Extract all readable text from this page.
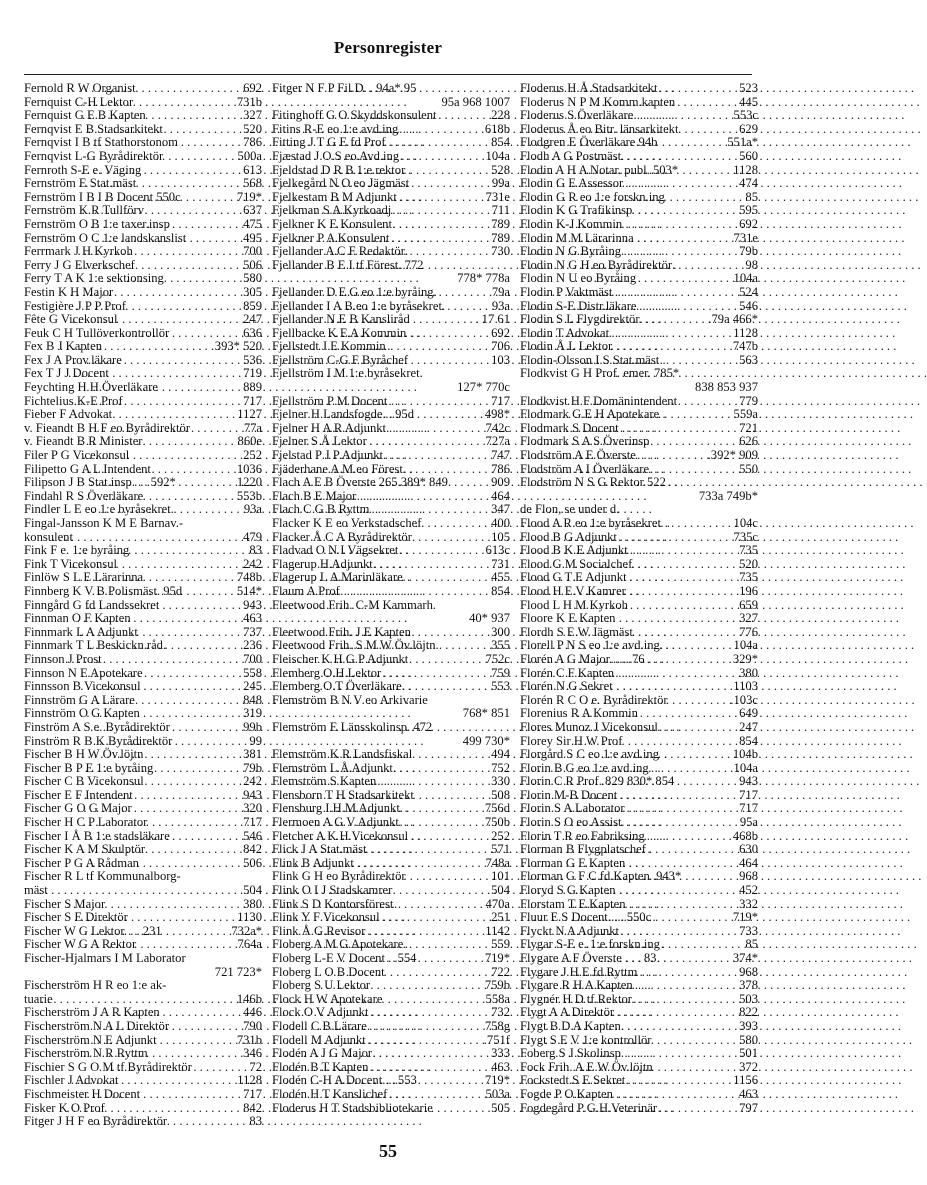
Personregister
Fernold R W Organist . . .	692
Fernquist C-H Lektor . . .	731b
Fernquist G E B Kapten . . .	327
Fernqvist E B Stadsarkitekt . . .	520
Fernqvist I B tf Stathorstonom . . .	786
Fernqvist L-G Byrådirektör . . .	500a
Fernroth S-E e. Väging . . .	613
Fernström E Stat.mäst . . .	568
Fernström I B I B Docent 550c . . .	719*
Fernström K R Tullförv . . .	637
Fernström O B 1:e taxer.insp . . .	475
Fernström O C 1:e landskanslist . . .	495
Ferrmark J H Kyrkoh . . .	700
Ferry J G Elverkschef . . .	506
Ferry T A K 1:e sektionsing . . .	580
Festin K H Major . . .	305
Festigière J P P Prof . . .	859
Fête G Vicekonsul . . .	247
Feuk C H Tullöverkontrollör . . .	636
Fex B J Kapten . . .	393* 520
Fex J A Prov.läkare . . .	536
Fex T J J Docent . . .	719
Feychting H H Överläkare . . .	889
Fichtelius K-E Prof . . .	717
Fieber F Advokat . . .	1127
v. Fieandt B H F eo Byrådirektör . . .	77a
v. Fieandt B R Minister . . .	860e
Filer P G Vicekonsul . . .	252
Filipetto G A L Intendent . . .	1036
Filipson J B Stat.insp. . . 592* . . .	1220
Findahl R S Överläkare . . .	553b
Findler L E eo 1:e byråsekret. . . .	93a
Fingal-Jansson K M E Barnav.-
konsulent . . .	479
Fink F e. 1:e byråing . . .	83
Fink T Vicekonsul . . .	242
Finlöw S L E Lärarinna . . .	748b
Finnberg K V B Polismäst. 95d . . .	514*
Finngård G fd Landssekret . . .	943
Finnman O F Kapten . . .	463
Finnmark L A Adjunkt . . .	737
Finnmark T L Beskickn.råd. . . .	236
Finnson J Prost . . .	700
Finnson N E Apotekare . . .	558
Finnsson B Vicekonsul . . .	245
Finnström G A Lärare . . .	848
Finnström O G Kapten . . .	319
Finström A S e. Byrådirektör . . .	99b
Finström R B K Byrådirektör . . .	99
Fischer B H W Öv.löjtn . . .	381
Fischer B P E 1:e byråing . . .	79b
Fischer C B Vicekonsul . . .	242
Fischer E F Intendent . . .	943
Fischer G O G Major . . .	320
Fischer H C P Laborator . . .	717
Fischer I Å B 1:e stadsläkare . . .	546
Fischer K A M Skulptör . . .	842
Fischer P G A Rådman . . .	506
Fischer R L tf Kommunalborg-
mäst . . .	504
Fischer S Major . . .	380
Fischer S E Direktör . . .	1130
Fischer W G Lektor. . . 231 . . .	732a*
Fischer W G A Rektor . . .	764a
Fischer-Hjalmars I M Laborator
721 723*
Fischerström H R eo 1:e ak-
tuarie . . .	146b
Fischerström J A R Kapten . . .	446
Fischerström N A L Direktör . . .	790
Fischerström N E Adjunkt . . .	731b
Fischerström N R Ryttm . . .	346
Fischier S G O M tf Byrådirektör . . .	72
Fischler J Advokat . . .	1128
Fischmeister H Docent . . .	717
Fisker K O Prof . . .	842
Fitger J H F eo Byrådirektör . . .	83
Fitger N F P Fil.D. . 94a* 95
. . .
95a 968 1007
Fitinghoff G O Skyddskonsulent . . .	228
Fitins R-E eo 1:e avd.ing . . .	618b
Fitting J T G E fd Prof . . .	854
Fjæstad J O S eo Avd.ing . . .	104a
Fjeldstad D R B 1:e rektor . . .	528
Fjelkegård N O eo Jägmäst . . .	99a
Fjelkestam B M Adjunkt . . .	731e
Fjelkman S A Kyrkoadj . . .	711
Fjelkner K E Konsulent . . .	789
Fjelkner P A Konsulent . . .	789
Fjellander A C F Redaktör . . .	730
Fjellander B E I tf Förest. 772
. . .
778* 778a
Fjellander D E G eo 1:e byråing. . . .	79a
Fjellander I A B eo 1:e byråsekret. . . .	93a
Fjellander N E B Kansliråd . . .	. 17 61
Fjellbacke K E A Kommin . . .	692
Fjellstedt J E Kommin . . .	706
Fjellström C-G F Byråchef . . .	103
Fjellström I M 1:e byråsekret.
127* 770c
Fjellström P M Docent . . .	717
Fjelner H Landsfogde. . 95d . . .	498*
Fjelner H A R Adjunkt . . .	742c
Fjelner S Å Lektor . . .	727a
Fjelstad P J P Adjunkt . . .	747
Fjäderhane A M eo Förest . . .	786
Flach A E B Överste 265 389* 849 . . .	909
Flach B E Major . . .	464
Flach C G B Ryttm . . .	347
Flacker K E eo Verkstadschef . . .	400
Flacker Å C A Byrådirektör . . .	105
Fladvad O N I Vägsekret . . .	613c
Flagerup H Adjunkt . . .	731
Flagerup L A Marinläkare . . .	455
Flaum A Prof . . .	854
Fleetwood Frih. C-M Kammarh.
40* 937
Fleetwood Frih. J E Kapten . . .	300
Fleetwood Frih. S M W Öv.löjtn. . . .	355
Fleischer K H G P Adjunkt . . .	752c
Flemberg O H Lektor . . .	759
Flemberg O T Överläkare . . .	553
Flemström B N V eo Arkivarie
768* 851
Flemström E Länsskolinsp. 472
. . .
499 730*
Flemström K R Landsfiskal . . .	494
Flemström L Å Adjunkt . . .	752
Flemström S Kapten . . .	330
Flensborn T H Stadsarkitekt . . .	508
Flensburg I H M Adjunkt . . .	756d
Flermoen A G V Adjunkt . . .	750b
Fletcher A K H Vicekonsul . . .	252
Flick J A Stat.mäst . . .	571
Flink B Adjunkt . . .	748a
Flink G H eo Byrådirektör . . .	101
Flink O I J Stadskamrer . . .	504
Flink S D Kontorsförest . . .	470a
Flink Y F Vicekonsul . . .	251
Flink Å G Revisor . . .	1142
Floberg A M G Apotekare . . .	559
Floberg L-E V Docent . .554 . . .	719*
Floberg L O B Docent . . .	722
Floberg S U Lektor . . .	759b
Flock H W Apotekare . . .	558a
Flock O V Adjunkt . . .	732
Flodell C B Lärare . . .	758g
Flodell M Adjunkt . . .	.751f
Flodén A J G Major . . .	333
Flodén B T Kapten . . .	463
Flodén C-H A Docent. . .553 . . .	719*
Flodén H T Kanslichef . . .	503a
Floderus H T Stadsbibliotekarie . . .	505
Floderus H Å Stadsarkitekt . . .	523
Floderus N P M Komm.kapten . . .	445
Floderus S Överläkare . . .	553c
Floderus Å eo Bitr. länsarkitekt . . .	629
Flodgren E Överläkare 94b . . .	551a*
Flodh A G Postmäst . . .	560
Flodin A H A Notar. publ. 503* . . .	1128
Flodin G E Assessor . . .	474
Flodin G R eo 1:e forskn.ing . . .	85
Flodin K G Trafikinsp . . .	595
Flodin K-J Kommin . . .	692
Flodin M M Lärarinna . . .	731e
Flodin N G Byråing . . .	79b
Flodin N G H eo Byrådirektör . . .	98
Flodin N U eo Byråing . . .	104a
Flodin P Vaktmäst . . .	524
Flodin S-E Distr.läkare . . .	546
Flodin S L Flygdirektör . . .	.79a 466*
Flodin T Advokat . . .	1128
Flodin Å L Lektor . . .	747b
Flodin-Olsson I S Stat.mäst . . .	563
Flodkvist G H Prof. emer. 785*
. . .
838 853 937
Flodkvist H F Domänintendent . . .	779
Flodmark G E H Apotekare . . .	559a
Flodmark S Docent . . .	721
Flodmark S A S Överinsp . . .	626
Flodström A E Överste . . .	.392* 909
Flodström A I Överläkare . . .	550
Flodström N S G Rektor 522
. . .
733a 749b*
de Flon, se under d.
Flood A R eo 1:e byråsekret . . .	104c
Flood B G Adjunkt . . .	735c
Flood B K E Adjunkt . . .	735
Flood G M Socialchef . . .	520
Flood G T E Adjunkt . . .	735
Flood H E V Kamrer . . .	196
Flood L H M Kyrkoh . . .	659
Floore K E Kapten . . .	327
Flordh S E W Jägmäst . . .	776
Florell P N S eo 1:e avd.ing. . . .	104a
Florén A G Major . . . 76 . . .	329*
Florén C F Kapten . . .	380
Florén N G Sekret . . .	1103
Florén R C O e. Byrådirektör . . .	.103c
Florenius R A Kommin . . .	649
Flores Munoz J Vicekonsul . . .	247
Florey Sir H W Prof . . .	854
Florgård S C eo 1:e avd.ing . . .	104b
Florin B G eo 1:e avd.ing . . .	104a
Florin C R Prof. 829 830* 854 . . .	943
Florin M-B Docent . . .	717
Florin S A Laborator . . .	717
Florin S O eo Assist . . .	95a
Florin T R eo Fabriksing . . .	468b
Florman B Flygplatschef . . .	630
Florman G E Kapten . . .	464
Florman G F C fd Kapten .943* . . .	968
Floryd S G Kapten . . .	452
Florstam T E Kapten . . .	332
Fluur E S Docent. . . 550c . . .	719*
Flyckt N A Adjunkt . . .	733
Flygar S-E e. 1:e forskn.ing . . .	85
Flygare A F Överste . . . 83 . . .	374*
Flygare J H E fd Ryttm . . .	968
Flygare R H A Kapten . . .	378
Flygnér H D tf Rektor . . .	503
Flygt A A Direktör . . .	822
Flygt B D A Kapten . . .	393
Flygt S E V 1:e kontrollör . . .	580
Foberg S J Skolinsp . . .	501
Fock Frih. A E W Öv.löjtn . . .	372
Fockstedt S E Sekret . . .	1156
Fogde P O Kapten . . .	463
Fogdegård P G H Veterinär . . .	797
55
